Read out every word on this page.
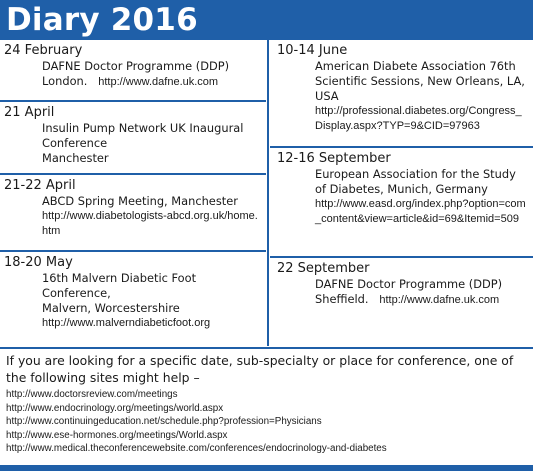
Diary 2016
24 February
DAFNE Doctor Programme (DDP)
London. http://www.dafne.uk.com
21 April
Insulin Pump Network UK Inaugural Conference
Manchester
21-22 April
ABCD Spring Meeting, Manchester
http://www.diabetologists-abcd.org.uk/home.htm
18-20 May
16th Malvern Diabetic Foot Conference,
Malvern, Worcestershire
http://www.malverndiabeticfoot.org
10-14 June
American Diabete Association 76th Scientific Sessions, New Orleans, LA, USA
http://professional.diabetes.org/Congress_Display.aspx?TYP=9&CID=97963
12-16 September
European Association for the Study of Diabetes, Munich, Germany
http://www.easd.org/index.php?option=com_content&view=article&id=69&Itemid=509
22 September
DAFNE Doctor Programme (DDP)
Sheffield. http://www.dafne.uk.com
If you are looking for a specific date, sub-specialty or place for conference, one of the following sites might help –
http://www.doctorsreview.com/meetings
http://www.endocrinology.org/meetings/world.aspx
http://www.continuingeducation.net/schedule.php?profession=Physicians
http://www.ese-hormones.org/meetings/World.aspx
http://www.medical.theconferencewebsite.com/conferences/endocrinology-and-diabetes
